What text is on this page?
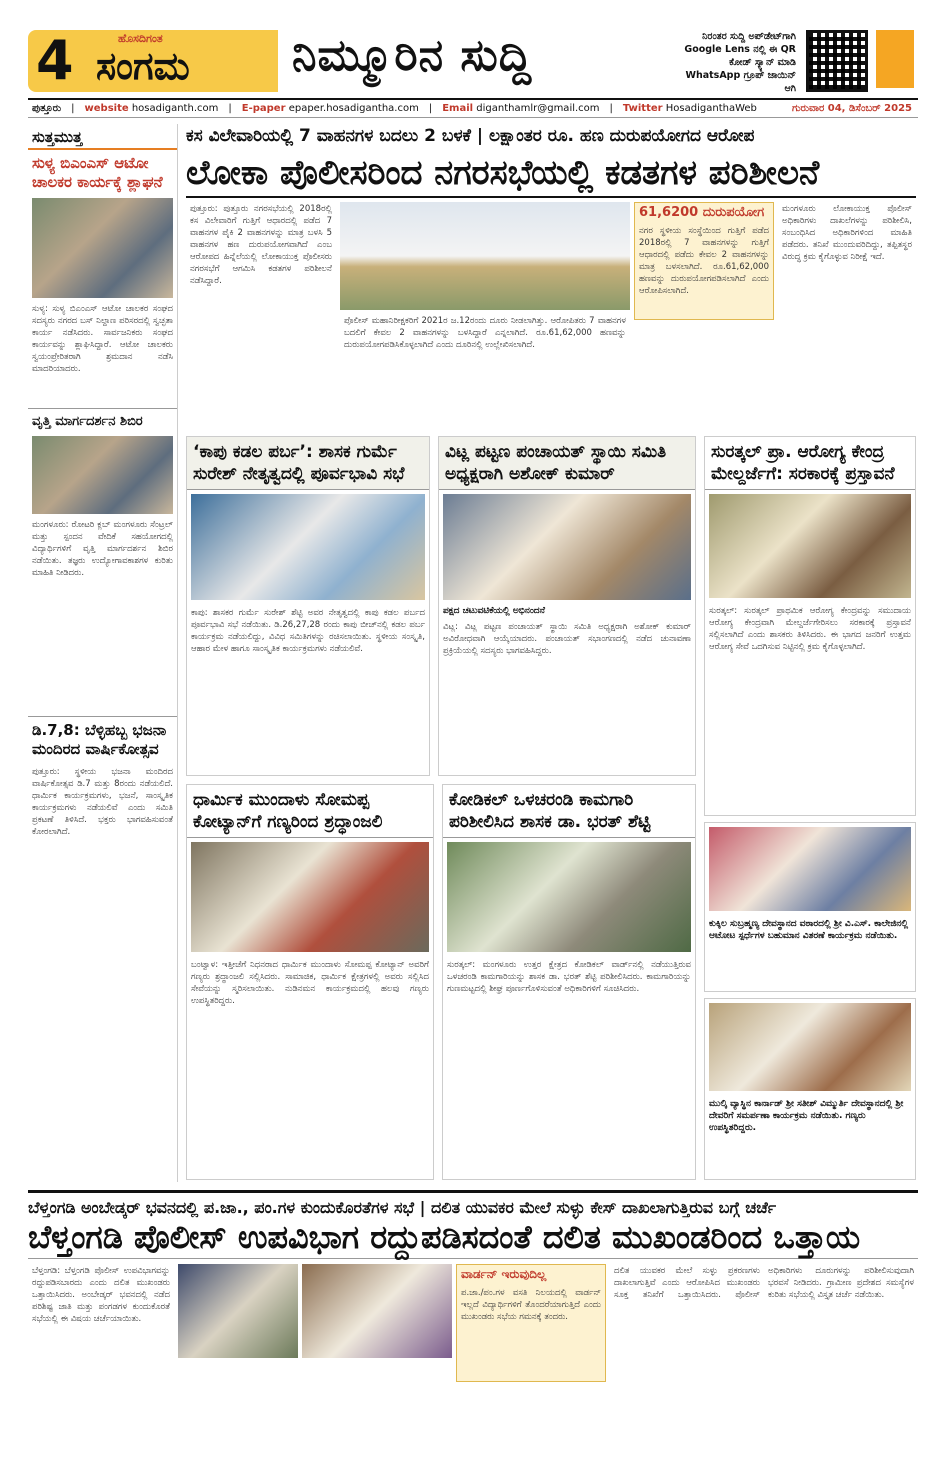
4	ಹೊಸದಿಗಂತ
ಸಂಗಮ ನಿಮ್ಮೂರಿನ ಸುದ್ದಿ	ನಿರಂತರ ಸುದ್ದಿ ಅಪ್‌ಡೇಟ್‌ಗಾಗಿ Google Lens ನಲ್ಲಿ ಈ QR ಕೋಡ್ ಸ್ಕ್ಯಾನ್ ಮಾಡಿ WhatsApp ಗ್ರೂಪ್ ಜಾಯಿನ್ ಆಗಿ
ಪುತ್ತೂರು | website hosadiganth.com | E-paper epaper.hosadigantha.com | Email diganthamlr@gmail.com | Twitter HosadiganthaWeb	ಗುರುವಾರ 04, ಡಿಸೆಂಬರ್ 2025
ಸುತ್ತಮುತ್ತ
ಸುಳ್ಯ ಬಿಎಂಎಸ್ ಆಟೋ ಚಾಲಕರ ಕಾರ್ಯಕ್ಕೆ ಶ್ಲಾಘನೆ
ಸುಳ್ಯ: ಸುಳ್ಯ ಬಿಎಂಎಸ್ ಆಟೋ ಚಾಲಕರ ಸಂಘದ ಸದಸ್ಯರು ನಗರದ ಬಸ್ ನಿಲ್ದಾಣ ಪರಿಸರದಲ್ಲಿ ಸ್ವಚ್ಛತಾ ಕಾರ್ಯ ನಡೆಸಿದರು. ಸಾರ್ವಜನಿಕರು ಸಂಘದ ಕಾರ್ಯವನ್ನು ಶ್ಲಾಘಿಸಿದ್ದಾರೆ. ಆಟೋ ಚಾಲಕರು ಸ್ವಯಂಪ್ರೇರಿತರಾಗಿ ಶ್ರಮದಾನ ನಡೆಸಿ ಮಾದರಿಯಾದರು.
ವೃತ್ತಿ ಮಾರ್ಗದರ್ಶನ ಶಿಬಿರ
ಮಂಗಳೂರು: ರೋಟರಿ ಕ್ಲಬ್ ಮಂಗಳೂರು ಸೆಂಟ್ರಲ್ ಮತ್ತು ಸ್ಪಂದನ ವೇದಿಕೆ ಸಹಯೋಗದಲ್ಲಿ ವಿದ್ಯಾರ್ಥಿಗಳಿಗೆ ವೃತ್ತಿ ಮಾರ್ಗದರ್ಶನ ಶಿಬಿರ ನಡೆಯಿತು. ತಜ್ಞರು ಉದ್ಯೋಗಾವಕಾಶಗಳ ಕುರಿತು ಮಾಹಿತಿ ನೀಡಿದರು.
ಡಿ.7,8: ಬೆಳ್ಳಿಹಬ್ಬ ಭಜನಾ ಮಂದಿರದ ವಾರ್ಷಿಕೋತ್ಸವ
ಪುತ್ತೂರು: ಸ್ಥಳೀಯ ಭಜನಾ ಮಂದಿರದ ವಾರ್ಷಿಕೋತ್ಸವ ಡಿ.7 ಮತ್ತು 8ರಂದು ನಡೆಯಲಿದೆ. ಧಾರ್ಮಿಕ ಕಾರ್ಯಕ್ರಮಗಳು, ಭಜನೆ, ಸಾಂಸ್ಕೃತಿಕ ಕಾರ್ಯಕ್ರಮಗಳು ನಡೆಯಲಿವೆ ಎಂದು ಸಮಿತಿ ಪ್ರಕಟಣೆ ತಿಳಿಸಿದೆ. ಭಕ್ತರು ಭಾಗವಹಿಸುವಂತೆ ಕೋರಲಾಗಿದೆ.
ಕಸ ವಿಲೇವಾರಿಯಲ್ಲಿ 7 ವಾಹನಗಳ ಬದಲು 2 ಬಳಕೆ | ಲಕ್ಷಾಂತರ ರೂ. ಹಣ ದುರುಪಯೋಗದ ಆರೋಪ
ಲೋಕಾ ಪೊಲೀಸರಿಂದ ನಗರಸಭೆಯಲ್ಲಿ ಕಡತಗಳ ಪರಿಶೀಲನೆ
ಪುತ್ತೂರು: ಪುತ್ತೂರು ನಗರಸಭೆಯಲ್ಲಿ 2018ರಲ್ಲಿ ಕಸ ವಿಲೇವಾರಿಗೆ ಗುತ್ತಿಗೆ ಆಧಾರದಲ್ಲಿ ಪಡೆದ 7 ವಾಹನಗಳ ಪೈಕಿ 2 ವಾಹನಗಳನ್ನು ಮಾತ್ರ ಬಳಸಿ 5 ವಾಹನಗಳ ಹಣ ದುರುಪಯೋಗವಾಗಿದೆ ಎಂಬ ಆರೋಪದ ಹಿನ್ನೆಲೆಯಲ್ಲಿ ಲೋಕಾಯುಕ್ತ ಪೊಲೀಸರು ನಗರಸಭೆಗೆ ಆಗಮಿಸಿ ಕಡತಗಳ ಪರಿಶೀಲನೆ ನಡೆಸಿದ್ದಾರೆ.
ಪೊಲೀಸ್ ಮಹಾನಿರೀಕ್ಷಕರಿಗೆ 2021ರ ಜ.12ರಂದು ದೂರು ನೀಡಲಾಗಿತ್ತು. ಆರೋಪಿತರು 7 ವಾಹನಗಳ ಬದಲಿಗೆ ಕೇವಲ 2 ವಾಹನಗಳನ್ನು ಬಳಸಿದ್ದಾರೆ ಎನ್ನಲಾಗಿದೆ. ರೂ.61,62,000 ಹಣವನ್ನು ದುರುಪಯೋಗಪಡಿಸಿಕೊಳ್ಳಲಾಗಿದೆ ಎಂದು ದೂರಿನಲ್ಲಿ ಉಲ್ಲೇಖಿಸಲಾಗಿದೆ.
61,6200 ದುರುಪಯೋಗ
ನಗರ ಸ್ಥಳೀಯ ಸಂಸ್ಥೆಯಿಂದ ಗುತ್ತಿಗೆ ಪಡೆದ 2018ರಲ್ಲಿ 7 ವಾಹನಗಳನ್ನು ಗುತ್ತಿಗೆ ಆಧಾರದಲ್ಲಿ ಪಡೆದು ಕೇವಲ 2 ವಾಹನಗಳನ್ನು ಮಾತ್ರ ಬಳಸಲಾಗಿದೆ. ರೂ.61,62,000 ಹಣವನ್ನು ದುರುಪಯೋಗಪಡಿಸಲಾಗಿದೆ ಎಂದು ಆರೋಪಿಸಲಾಗಿದೆ.
ಮಂಗಳೂರು ಲೋಕಾಯುಕ್ತ ಪೊಲೀಸ್ ಅಧಿಕಾರಿಗಳು ದಾಖಲೆಗಳನ್ನು ಪರಿಶೀಲಿಸಿ, ಸಂಬಂಧಿಸಿದ ಅಧಿಕಾರಿಗಳಿಂದ ಮಾಹಿತಿ ಪಡೆದರು. ತನಿಖೆ ಮುಂದುವರಿದಿದ್ದು, ತಪ್ಪಿತಸ್ಥರ ವಿರುದ್ಧ ಕ್ರಮ ಕೈಗೊಳ್ಳುವ ನಿರೀಕ್ಷೆ ಇದೆ.
‘ಕಾಪು ಕಡಲ ಪರ್ಬ’: ಶಾಸಕ ಗುರ್ಮೆ ಸುರೇಶ್ ನೇತೃತ್ವದಲ್ಲಿ ಪೂರ್ವಭಾವಿ ಸಭೆ
ಕಾಪು: ಶಾಸಕರ ಗುರ್ಮೆ ಸುರೇಶ್ ಶೆಟ್ಟಿ ಅವರ ನೇತೃತ್ವದಲ್ಲಿ ಕಾಪು ಕಡಲ ಪರ್ಬದ ಪೂರ್ವಭಾವಿ ಸಭೆ ನಡೆಯಿತು. ಡಿ.26,27,28 ರಂದು ಕಾಪು ಬೀಚ್‌ನಲ್ಲಿ ಕಡಲ ಪರ್ಬ ಕಾರ್ಯಕ್ರಮ ನಡೆಯಲಿದ್ದು, ವಿವಿಧ ಸಮಿತಿಗಳನ್ನು ರಚಿಸಲಾಯಿತು. ಸ್ಥಳೀಯ ಸಂಸ್ಕೃತಿ, ಆಹಾರ ಮೇಳ ಹಾಗೂ ಸಾಂಸ್ಕೃತಿಕ ಕಾರ್ಯಕ್ರಮಗಳು ನಡೆಯಲಿವೆ.
ವಿಟ್ಲ ಪಟ್ಟಣ ಪಂಚಾಯತ್ ಸ್ಥಾಯಿ ಸಮಿತಿ ಅಧ್ಯಕ್ಷರಾಗಿ ಅಶೋಕ್ ಕುಮಾರ್
ಪಕ್ಷದ ಚಟುವಟಿಕೆಯಲ್ಲಿ ಅಭಿನಂದನೆ
ವಿಟ್ಲ: ವಿಟ್ಲ ಪಟ್ಟಣ ಪಂಚಾಯತ್ ಸ್ಥಾಯಿ ಸಮಿತಿ ಅಧ್ಯಕ್ಷರಾಗಿ ಅಶೋಕ್ ಕುಮಾರ್ ಅವಿರೋಧವಾಗಿ ಆಯ್ಕೆಯಾದರು. ಪಂಚಾಯತ್ ಸಭಾಂಗಣದಲ್ಲಿ ನಡೆದ ಚುನಾವಣಾ ಪ್ರಕ್ರಿಯೆಯಲ್ಲಿ ಸದಸ್ಯರು ಭಾಗವಹಿಸಿದ್ದರು.
ಸುರತ್ಕಲ್ ಪ್ರಾ. ಆರೋಗ್ಯ ಕೇಂದ್ರ ಮೇಲ್ದರ್ಜೆಗೆ: ಸರಕಾರಕ್ಕೆ ಪ್ರಸ್ತಾವನೆ
ಸುರತ್ಕಲ್: ಸುರತ್ಕಲ್ ಪ್ರಾಥಮಿಕ ಆರೋಗ್ಯ ಕೇಂದ್ರವನ್ನು ಸಮುದಾಯ ಆರೋಗ್ಯ ಕೇಂದ್ರವಾಗಿ ಮೇಲ್ದರ್ಜೆಗೇರಿಸಲು ಸರಕಾರಕ್ಕೆ ಪ್ರಸ್ತಾವನೆ ಸಲ್ಲಿಸಲಾಗಿದೆ ಎಂದು ಶಾಸಕರು ತಿಳಿಸಿದರು. ಈ ಭಾಗದ ಜನರಿಗೆ ಉತ್ತಮ ಆರೋಗ್ಯ ಸೇವೆ ಒದಗಿಸುವ ನಿಟ್ಟಿನಲ್ಲಿ ಕ್ರಮ ಕೈಗೊಳ್ಳಲಾಗಿದೆ.
ಧಾರ್ಮಿಕ ಮುಂದಾಳು ಸೋಮಪ್ಪ ಕೋಟ್ಯಾನ್‌ಗೆ ಗಣ್ಯರಿಂದ ಶ್ರದ್ಧಾಂಜಲಿ
ಬಂಟ್ವಾಳ: ಇತ್ತೀಚೆಗೆ ನಿಧನರಾದ ಧಾರ್ಮಿಕ ಮುಂದಾಳು ಸೋಮಪ್ಪ ಕೋಟ್ಯಾನ್ ಅವರಿಗೆ ಗಣ್ಯರು ಶ್ರದ್ಧಾಂಜಲಿ ಸಲ್ಲಿಸಿದರು. ಸಾಮಾಜಿಕ, ಧಾರ್ಮಿಕ ಕ್ಷೇತ್ರಗಳಲ್ಲಿ ಅವರು ಸಲ್ಲಿಸಿದ ಸೇವೆಯನ್ನು ಸ್ಮರಿಸಲಾಯಿತು. ನುಡಿನಮನ ಕಾರ್ಯಕ್ರಮದಲ್ಲಿ ಹಲವು ಗಣ್ಯರು ಉಪಸ್ಥಿತರಿದ್ದರು.
ಕೋಡಿಕಲ್ ಒಳಚರಂಡಿ ಕಾಮಗಾರಿ ಪರಿಶೀಲಿಸಿದ ಶಾಸಕ ಡಾ. ಭರತ್ ಶೆಟ್ಟಿ
ಸುರತ್ಕಲ್: ಮಂಗಳೂರು ಉತ್ತರ ಕ್ಷೇತ್ರದ ಕೋಡಿಕಲ್ ವಾರ್ಡ್‌ನಲ್ಲಿ ನಡೆಯುತ್ತಿರುವ ಒಳಚರಂಡಿ ಕಾಮಗಾರಿಯನ್ನು ಶಾಸಕ ಡಾ. ಭರತ್ ಶೆಟ್ಟಿ ಪರಿಶೀಲಿಸಿದರು. ಕಾಮಗಾರಿಯನ್ನು ಗುಣಮಟ್ಟದಲ್ಲಿ ಶೀಘ್ರ ಪೂರ್ಣಗೊಳಿಸುವಂತೆ ಅಧಿಕಾರಿಗಳಿಗೆ ಸೂಚಿಸಿದರು.
ಕುಕ್ಕಿಲ ಸುಬ್ರಹ್ಮಣ್ಯ ದೇವಸ್ಥಾನದ ವಠಾರದಲ್ಲಿ ಶ್ರೀ ವಿ.ಎಸ್. ಕಾಲೇಜಿನಲ್ಲಿ ಆಟೋಟ ಸ್ಪರ್ಧೆಗಳ ಬಹುಮಾನ ವಿತರಣೆ ಕಾರ್ಯಕ್ರಮ ನಡೆಯಿತು.
ಮುಲ್ಕಿ ವ್ಯಾಸ್ಥಿನ ಕಾರ್ನಾಡ್ ಶ್ರೀ ಸತೀಶ್ ವಿಮ್ಮುರ್ತಿ ದೇವಸ್ಥಾನದಲ್ಲಿ ಶ್ರೀ ದೇವರಿಗೆ ಸಮರ್ಪಣಾ ಕಾರ್ಯಕ್ರಮ ನಡೆಯಿತು. ಗಣ್ಯರು ಉಪಸ್ಥಿತರಿದ್ದರು.
ಬೆಳ್ತಂಗಡಿ ಅಂಬೇಡ್ಕರ್ ಭವನದಲ್ಲಿ ಪ.ಜಾ., ಪಂ.ಗಳ ಕುಂದುಕೊರತೆಗಳ ಸಭೆ | ದಲಿತ ಯುವಕರ ಮೇಲೆ ಸುಳ್ಳು ಕೇಸ್ ದಾಖಲಾಗುತ್ತಿರುವ ಬಗ್ಗೆ ಚರ್ಚೆ
ಬೆಳ್ತಂಗಡಿ ಪೊಲೀಸ್ ಉಪವಿಭಾಗ ರದ್ದುಪಡಿಸದಂತೆ ದಲಿತ ಮುಖಂಡರಿಂದ ಒತ್ತಾಯ
ಬೆಳ್ತಂಗಡಿ: ಬೆಳ್ತಂಗಡಿ ಪೊಲೀಸ್ ಉಪವಿಭಾಗವನ್ನು ರದ್ದುಪಡಿಸಬಾರದು ಎಂದು ದಲಿತ ಮುಖಂಡರು ಒತ್ತಾಯಿಸಿದರು. ಅಂಬೇಡ್ಕರ್ ಭವನದಲ್ಲಿ ನಡೆದ ಪರಿಶಿಷ್ಟ ಜಾತಿ ಮತ್ತು ಪಂಗಡಗಳ ಕುಂದುಕೊರತೆ ಸಭೆಯಲ್ಲಿ ಈ ವಿಷಯ ಚರ್ಚೆಯಾಯಿತು.
ವಾರ್ಡನ್ ಇರುವುದಿಲ್ಲ
ಪ.ಜಾ./ಪಂ.ಗಳ ವಸತಿ ನಿಲಯದಲ್ಲಿ ವಾರ್ಡನ್ ಇಲ್ಲದೆ ವಿದ್ಯಾರ್ಥಿಗಳಿಗೆ ತೊಂದರೆಯಾಗುತ್ತಿದೆ ಎಂದು ಮುಖಂಡರು ಸಭೆಯ ಗಮನಕ್ಕೆ ತಂದರು.
ದಲಿತ ಯುವಕರ ಮೇಲೆ ಸುಳ್ಳು ಪ್ರಕರಣಗಳು ದಾಖಲಾಗುತ್ತಿವೆ ಎಂದು ಆರೋಪಿಸಿದ ಮುಖಂಡರು ಸೂಕ್ತ ತನಿಖೆಗೆ ಒತ್ತಾಯಿಸಿದರು. ಪೊಲೀಸ್ ಅಧಿಕಾರಿಗಳು ದೂರುಗಳನ್ನು ಪರಿಶೀಲಿಸುವುದಾಗಿ ಭರವಸೆ ನೀಡಿದರು. ಗ್ರಾಮೀಣ ಪ್ರದೇಶದ ಸಮಸ್ಯೆಗಳ ಕುರಿತು ಸಭೆಯಲ್ಲಿ ವಿಸ್ತೃತ ಚರ್ಚೆ ನಡೆಯಿತು.
